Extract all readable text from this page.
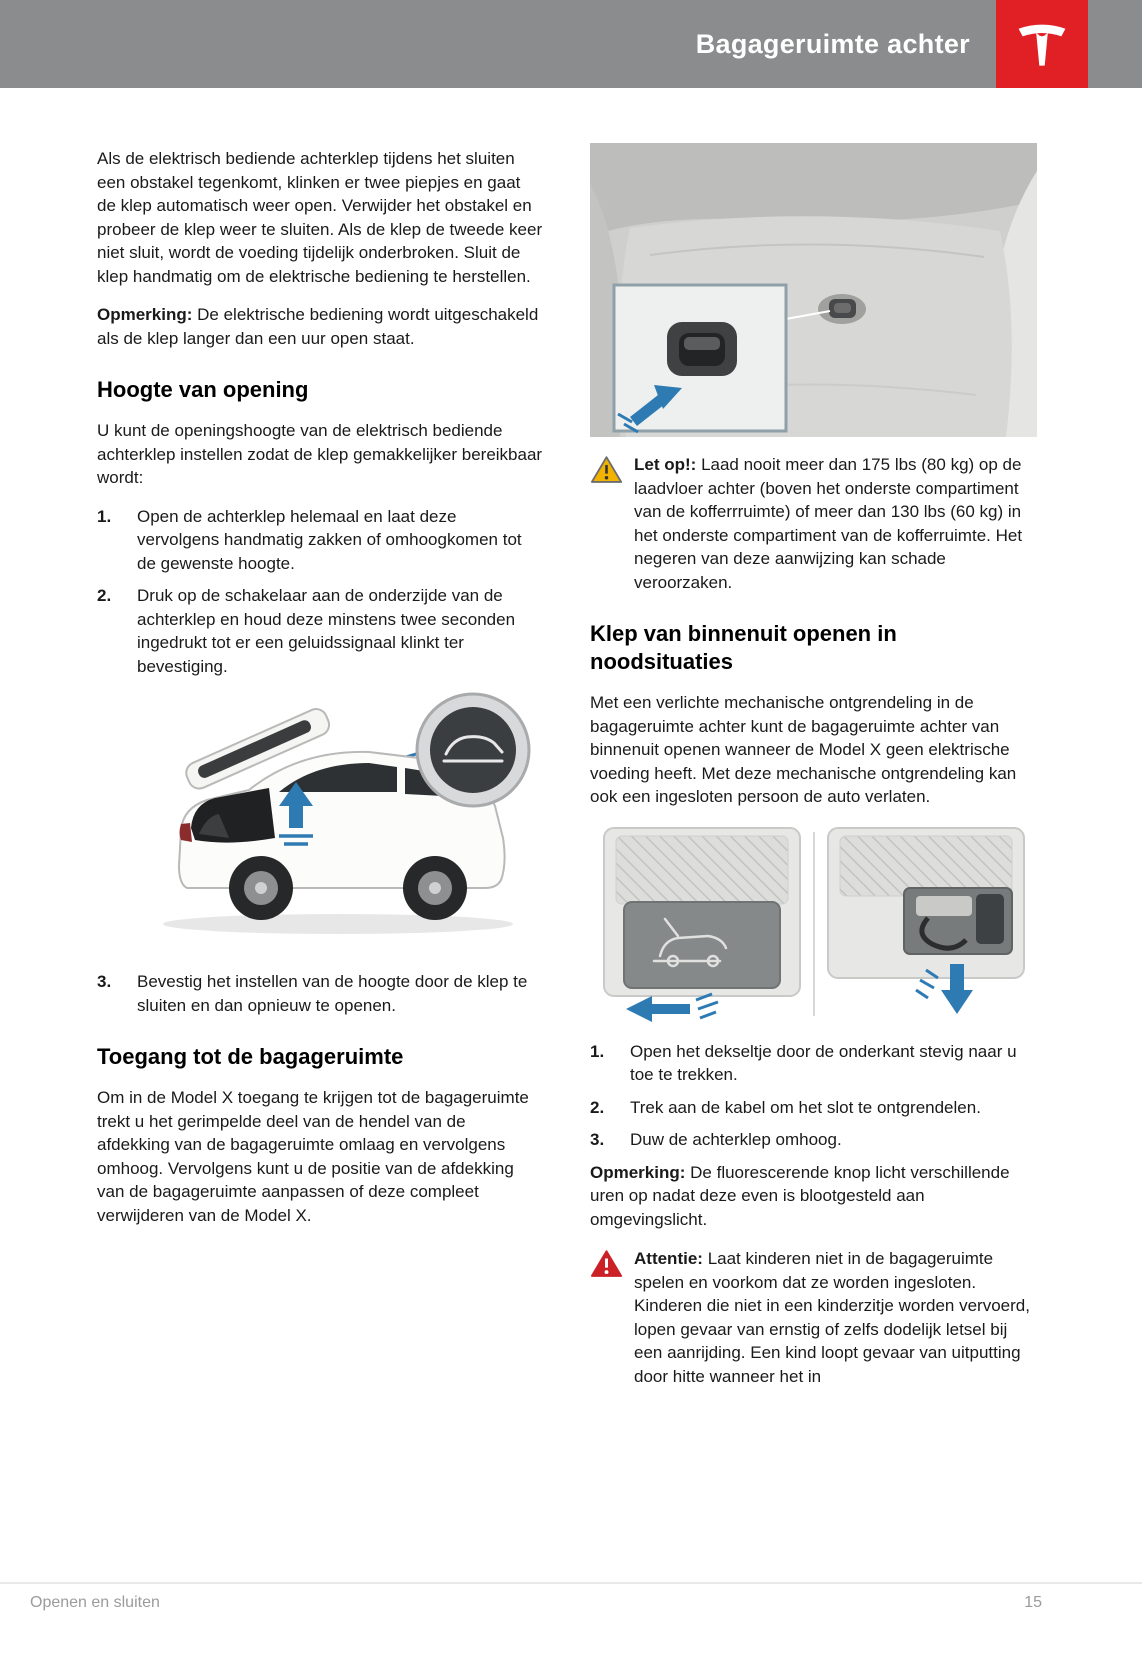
Bagageruimte achter

Als de elektrisch bediende achterklep tijdens het sluiten een obstakel tegenkomt, klinken er twee piepjes en gaat de klep automatisch weer open. Verwijder het obstakel en probeer de klep weer te sluiten. Als de klep de tweede keer niet sluit, wordt de voeding tijdelijk onderbroken. Sluit de klep handmatig om de elektrische bediening te herstellen.

Opmerking: De elektrische bediening wordt uitgeschakeld als de klep langer dan een uur open staat.

Hoogte van opening

U kunt de openingshoogte van de elektrisch bediende achterklep instellen zodat de klep gemakkelijker bereikbaar wordt:

1.	Open de achterklep helemaal en laat deze vervolgens handmatig zakken of omhoogkomen tot de gewenste hoogte.
2.	Druk op de schakelaar aan de onderzijde van de achterklep en houd deze minstens twee seconden ingedrukt tot er een geluidssignaal klinkt ter bevestiging.
3.	Bevestig het instellen van de hoogte door de klep te sluiten en dan opnieuw te openen.
Toegang tot de bagageruimte

Om in de Model X toegang te krijgen tot de bagageruimte trekt u het gerimpelde deel van de hendel van de afdekking van de bagageruimte omlaag en vervolgens omhoog. Vervolgens kunt u de positie van de afdekking van de bagageruimte aanpassen of deze compleet verwijderen van de Model X.

Let op!: Laad nooit meer dan 175 lbs (80 kg) op de laadvloer achter (boven het onderste compartiment van de kofferrruimte) of meer dan 130 lbs (60 kg) in het onderste compartiment van de kofferruimte. Het negeren van deze aanwijzing kan schade veroorzaken.

Klep van binnenuit openen in noodsituaties

Met een verlichte mechanische ontgrendeling in de bagageruimte achter kunt de bagageruimte achter van binnenuit openen wanneer de Model X geen elektrische voeding heeft. Met deze mechanische ontgrendeling kan ook een ingesloten persoon de auto verlaten.

1.	Open het dekseltje door de onderkant stevig naar u toe te trekken.
2.	Trek aan de kabel om het slot te ontgrendelen.
3.	Duw de achterklep omhoog.

Opmerking: De fluorescerende knop licht verschillende uren op nadat deze even is blootgesteld aan omgevingslicht.

Attentie: Laat kinderen niet in de bagageruimte spelen en voorkom dat ze worden ingesloten. Kinderen die niet in een kinderzitje worden vervoerd, lopen gevaar van ernstig of zelfs dodelijk letsel bij een aanrijding. Een kind loopt gevaar van uitputting door hitte wanneer het in

Openen en sluiten	15
